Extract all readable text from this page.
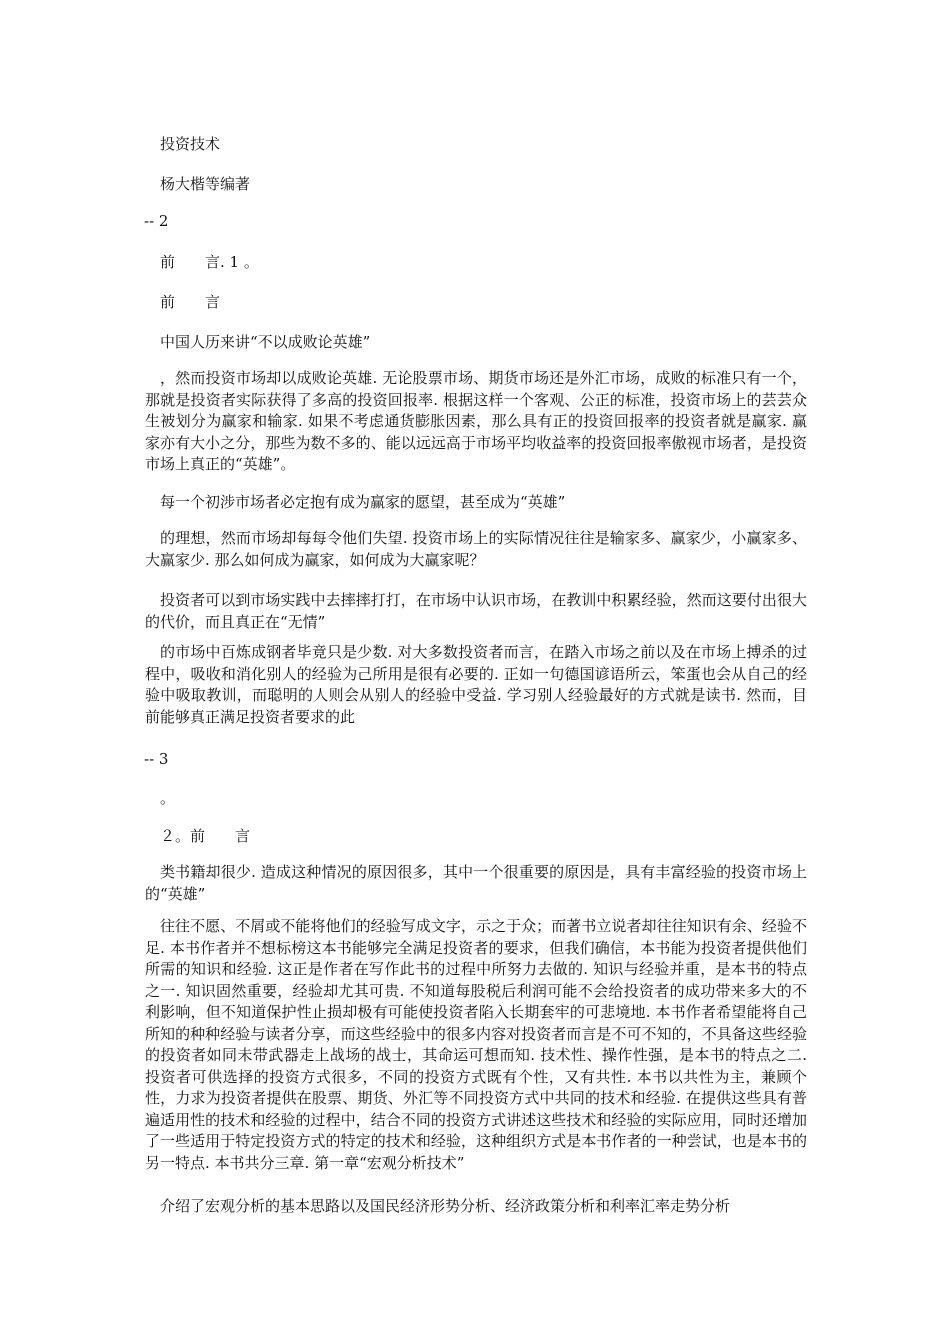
投资技术
杨大楷等编著
-- 2
前　　言. 1 。
前　　言
中国人历来讲“不以成败论英雄”
，然而投资市场却以成败论英雄. 无论股票市场、期货市场还是外汇市场，成败的标准只有一个，那就是投资者实际获得了多高的投资回报率. 根据这样一个客观、公正的标准，投资市场上的芸芸众生被划分为赢家和输家. 如果不考虑通货膨胀因素，那么具有正的投资回报率的投资者就是赢家. 赢家亦有大小之分，那些为数不多的、能以远远高于市场平均收益率的投资回报率傲视市场者，是投资市场上真正的“英雄”。
每一个初涉市场者必定抱有成为赢家的愿望，甚至成为“英雄”
的理想，然而市场却每每令他们失望. 投资市场上的实际情况往往是输家多、赢家少，小赢家多、大赢家少. 那么如何成为赢家，如何成为大赢家呢？
投资者可以到市场实践中去摔摔打打，在市场中认识市场，在教训中积累经验，然而这要付出很大的代价，而且真正在“无情”
的市场中百炼成钢者毕竟只是少数. 对大多数投资者而言，在踏入市场之前以及在市场上搏杀的过程中，吸收和消化别人的经验为己所用是很有必要的. 正如一句德国谚语所云，笨蛋也会从自己的经验中吸取教训，而聪明的人则会从别人的经验中受益. 学习别人经验最好的方式就是读书. 然而，目前能够真正满足投资者要求的此
-- 3
。
２。前　　言
类书籍却很少. 造成这种情况的原因很多，其中一个很重要的原因是，具有丰富经验的投资市场上的“英雄”
往往不愿、不屑或不能将他们的经验写成文字，示之于众；而著书立说者却往往知识有余、经验不足. 本书作者并不想标榜这本书能够完全满足投资者的要求，但我们确信，本书能为投资者提供他们所需的知识和经验. 这正是作者在写作此书的过程中所努力去做的. 知识与经验并重，是本书的特点之一. 知识固然重要，经验却尤其可贵. 不知道每股税后利润可能不会给投资者的成功带来多大的不利影响，但不知道保护性止损却极有可能使投资者陷入长期套牢的可悲境地. 本书作者希望能将自己所知的种种经验与读者分享，而这些经验中的很多内容对投资者而言是不可不知的，不具备这些经验的投资者如同未带武器走上战场的战士，其命运可想而知. 技术性、操作性强，是本书的特点之二. 投资者可供选择的投资方式很多，不同的投资方式既有个性，又有共性. 本书以共性为主，兼顾个性，力求为投资者提供在股票、期货、外汇等不同投资方式中共同的技术和经验. 在提供这些具有普遍适用性的技术和经验的过程中，结合不同的投资方式讲述这些技术和经验的实际应用，同时还增加了一些适用于特定投资方式的特定的技术和经验，这种组织方式是本书作者的一种尝试，也是本书的另一特点. 本书共分三章. 第一章“宏观分析技术”
介绍了宏观分析的基本思路以及国民经济形势分析、经济政策分析和利率汇率走势分析
